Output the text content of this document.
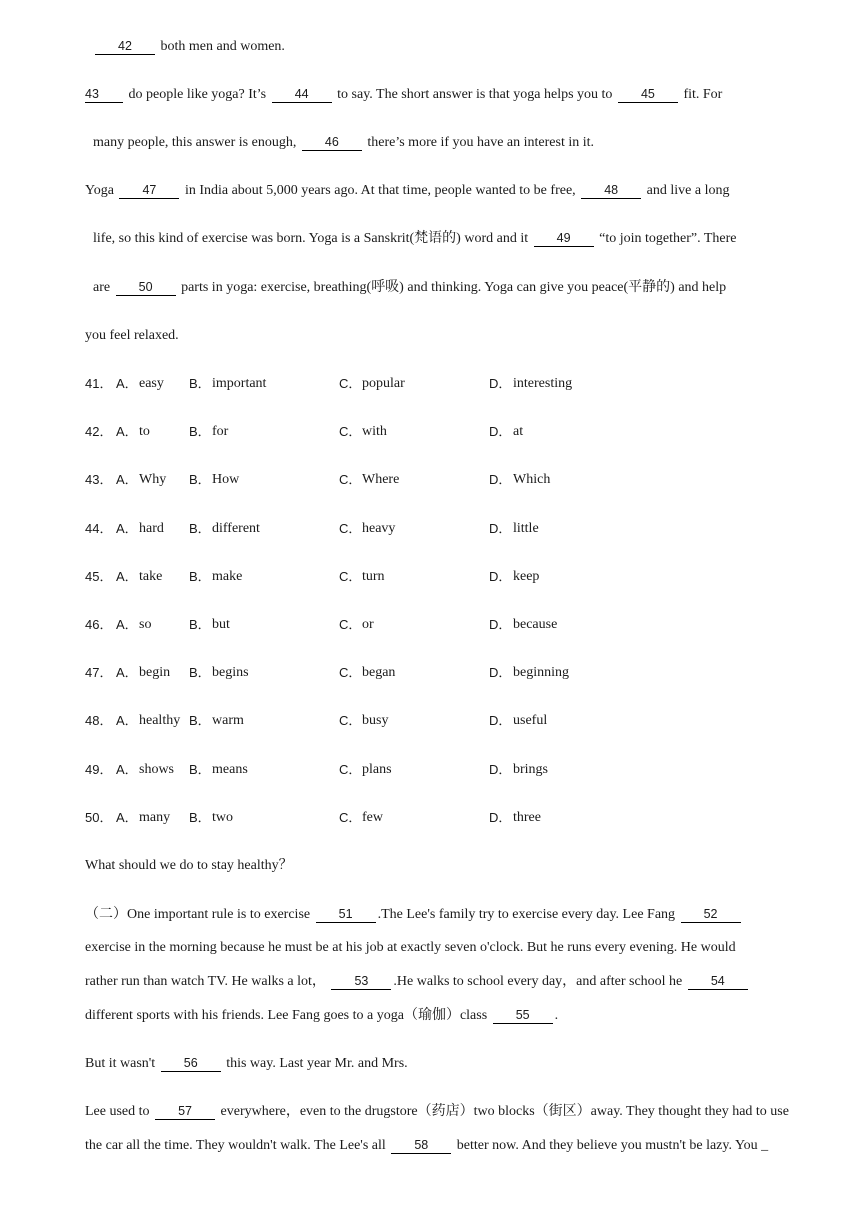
42 both men and women.
43 do people like yoga? It’s 44 to say. The short answer is that yoga helps you to 45 fit. For
many people, this answer is enough, 46 there’s more if you have an interest in it.
Yoga 47 in India about 5,000 years ago. At that time, people wanted to be free, 48 and live a long
life, so this kind of exercise was born. Yoga is a Sanskrit(梵语的) word and it 49 “to join together”. There
are 50 parts in yoga: exercise, breathing(呼吸) and thinking. Yoga can give you peace(平静的) and help
you feel relaxed.
41． A． easy B． important	C． popular	D． interesting
42． A． to	B． for	C． with	D． at
43． A． Why B． How	C． Where	D． Which
44． A． hard B． different	C． heavy	D． little
45． A． take B． make	C． turn	D． keep
46． A． so	B． but	C． or	D． because
47． A． begin B． begins	C． began	D． beginning
48． A． healthy B． warm	C． busy	D． useful
49． A． shows B． means	C． plans	D． brings
50． A． many B． two	C． few	D． three
What should we do to stay healthy？
（二）One important rule is to exercise 51 .The Lee's family try to exercise every day. Lee Fang 52
exercise in the morning because he must be at his job at exactly seven o'clock. But he runs every evening. He would
rather run than watch TV. He walks a lot， 53 .He walks to school every day，and after school he 54
different sports with his friends. Lee Fang goes to a yoga（瑜伽）class 55 .
But it wasn't 56 this way. Last year Mr. and Mrs.
Lee used to 57 everywhere，even to the drugstore（药店）two blocks（街区）away. They thought they had to use
the car all the time. They wouldn't walk. The Lee's all 58 better now. And they believe you mustn't be lazy. You _
